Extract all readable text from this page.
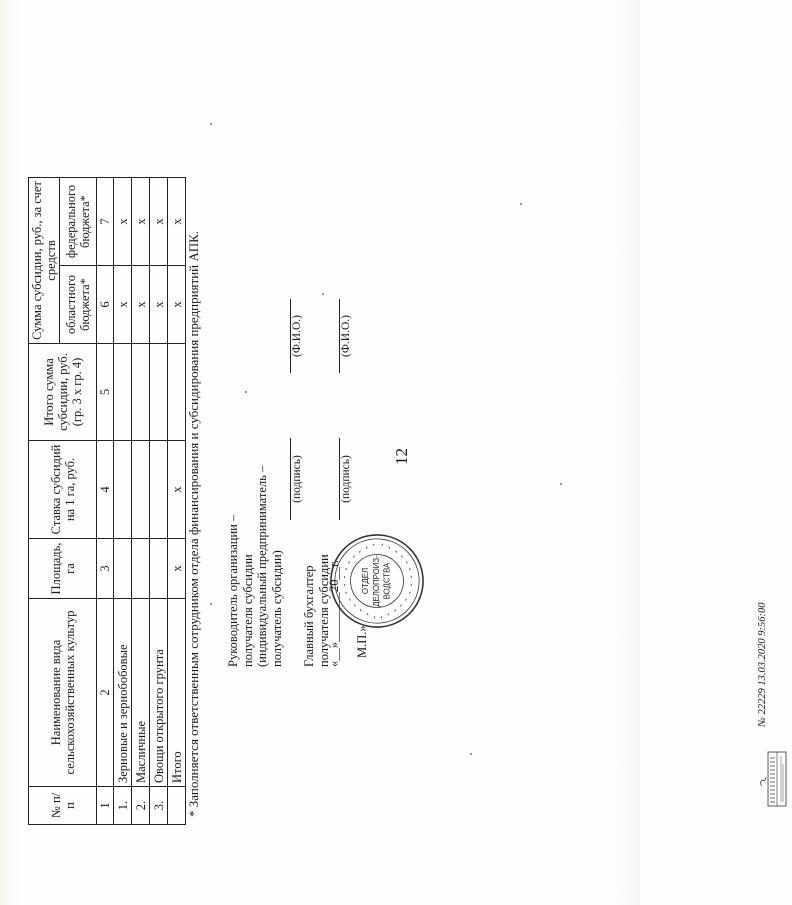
12
№ п/п	Наименование вида сельскохозяйственных культур	Площадь, га	Ставка субсидий на 1 га, руб.	Итого сумма субсидии, руб. (гр. 3 х гр. 4)	Сумма субсидии, руб., за счет средств	
					областного бюджета*	федерального бюджета*
1	2	3	4	5	6	7
1.	Зерновые и зернобобовые				х	х
2.	Масличные				х	х
3.	Овощи открытого грунта				х	х
	Итого	х	х		х	х
* Заполняется ответственным сотрудником отдела финансирования и субсидирования предприятий АПК. Руководитель организации – получателя субсидии (индивидуальный предприниматель – получатель субсидии)
(подпись)
(Ф.И.О.)
Главный бухгалтер получателя субсидии
(подпись)
(Ф.И.О.)
«__»________20__г. М.П.»
ОТДЕЛ ДЕЛОПРОИЗ- ВОДСТВА
№ 22229 13.03.2020 9:56:00
